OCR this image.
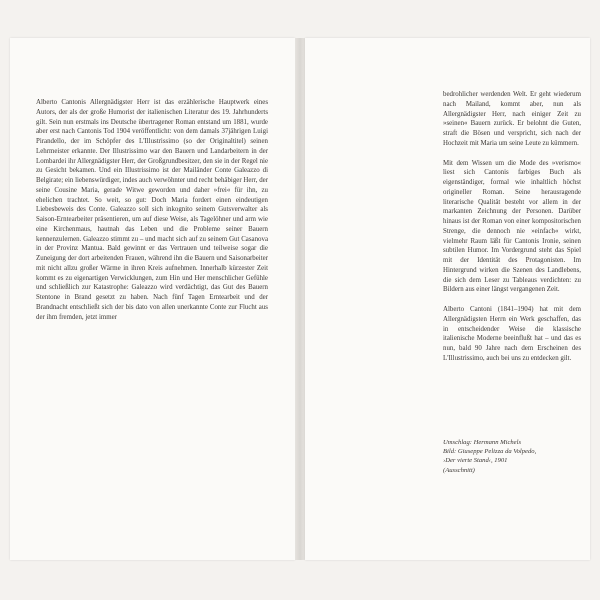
Alberto Cantonis Allergnädigster Herr ist das erzählerische Hauptwerk eines Autors, der als der große Humorist der italienischen Literatur des 19. Jahrhunderts gilt. Sein nun erstmals ins Deutsche übertragener Roman entstand um 1881, wurde aber erst nach Cantonis Tod 1904 veröffentlicht: von dem damals 37jährigen Luigi Pirandello, der im Schöpfer des L'Illustrissimo (so der Originaltitel) seinen Lehrmeister erkannte. Der Illustrissimo war den Bauern und Landarbeitern in der Lombardei ihr Allergnädigster Herr, der Großgrundbesitzer, den sie in der Regel nie zu Gesicht bekamen. Und ein Illustrissimo ist der Mailänder Conte Galeazzo di Belgirate; ein liebenswürdiger, indes auch verwöhnter und recht behäbiger Herr, der seine Cousine Maria, gerade Witwe geworden und daher »frei« für ihn, zu ehelichen trachtet. So weit, so gut: Doch Maria fordert einen eindeutigen Liebesbeweis des Conte. Galeazzo soll sich inkognito seinem Gutsverwalter als Saison-Erntearbeiter präsentieren, um auf diese Weise, als Tagelöhner und arm wie eine Kirchenmaus, hautnah das Leben und die Probleme seiner Bauern kennenzulernen. Galeazzo stimmt zu – und macht sich auf zu seinem Gut Casanova in der Provinz Mantua. Bald gewinnt er das Vertrauen und teilweise sogar die Zuneigung der dort arbeitenden Frauen, während ihn die Bauern und Saisonarbeiter mit nicht allzu großer Wärme in ihren Kreis aufnehmen. Innerhalb kürzester Zeit kommt es zu eigenartigen Verwicklungen, zum Hin und Her menschlicher Gefühle und schließlich zur Katastrophe: Galeazzo wird verdächtigt, das Gut des Bauern Stentone in Brand gesetzt zu haben. Nach fünf Tagen Erntearbeit und der Brandnacht entschließt sich der bis dato von allen unerkannte Conte zur Flucht aus der ihm fremden, jetzt immer

bedrohlicher werdenden Welt. Er geht wiederum nach Mailand, kommt aber, nun als Allergnädigster Herr, nach einiger Zeit zu »seinen« Bauern zurück. Er belohnt die Guten, straft die Bösen und verspricht, sich nach der Hochzeit mit Maria um seine Leute zu kümmern.

Mit dem Wissen um die Mode des »verismo« liest sich Cantonis farbiges Buch als eigenständiger, formal wie inhaltlich höchst origineller Roman. Seine herausragende literarische Qualität besteht vor allem in der markanten Zeichnung der Personen. Darüber hinaus ist der Roman von einer kompositorischen Strenge, die dennoch nie »einfach« wirkt, vielmehr Raum läßt für Cantonis Ironie, seinen subtilen Humor. Im Vordergrund steht das Spiel mit der Identität des Protagonisten. Im Hintergrund wirken die Szenen des Landlebens, die sich dem Leser zu Tableaus verdichten: zu Bildern aus einer längst vergangenen Zeit.

Alberto Cantoni (1841–1904) hat mit dem Allergnädigsten Herrn ein Werk geschaffen, das in entscheidender Weise die klassische italienische Moderne beeinflußt hat – und das es nun, bald 90 Jahre nach dem Erscheinen des L'Illustrissimo, auch bei uns zu entdecken gilt.

Umschlag: Hermann Michels
Bild: Giuseppe Pelizza da Volpedo,
›Der vierte Stand‹, 1901
(Ausschnitt)
